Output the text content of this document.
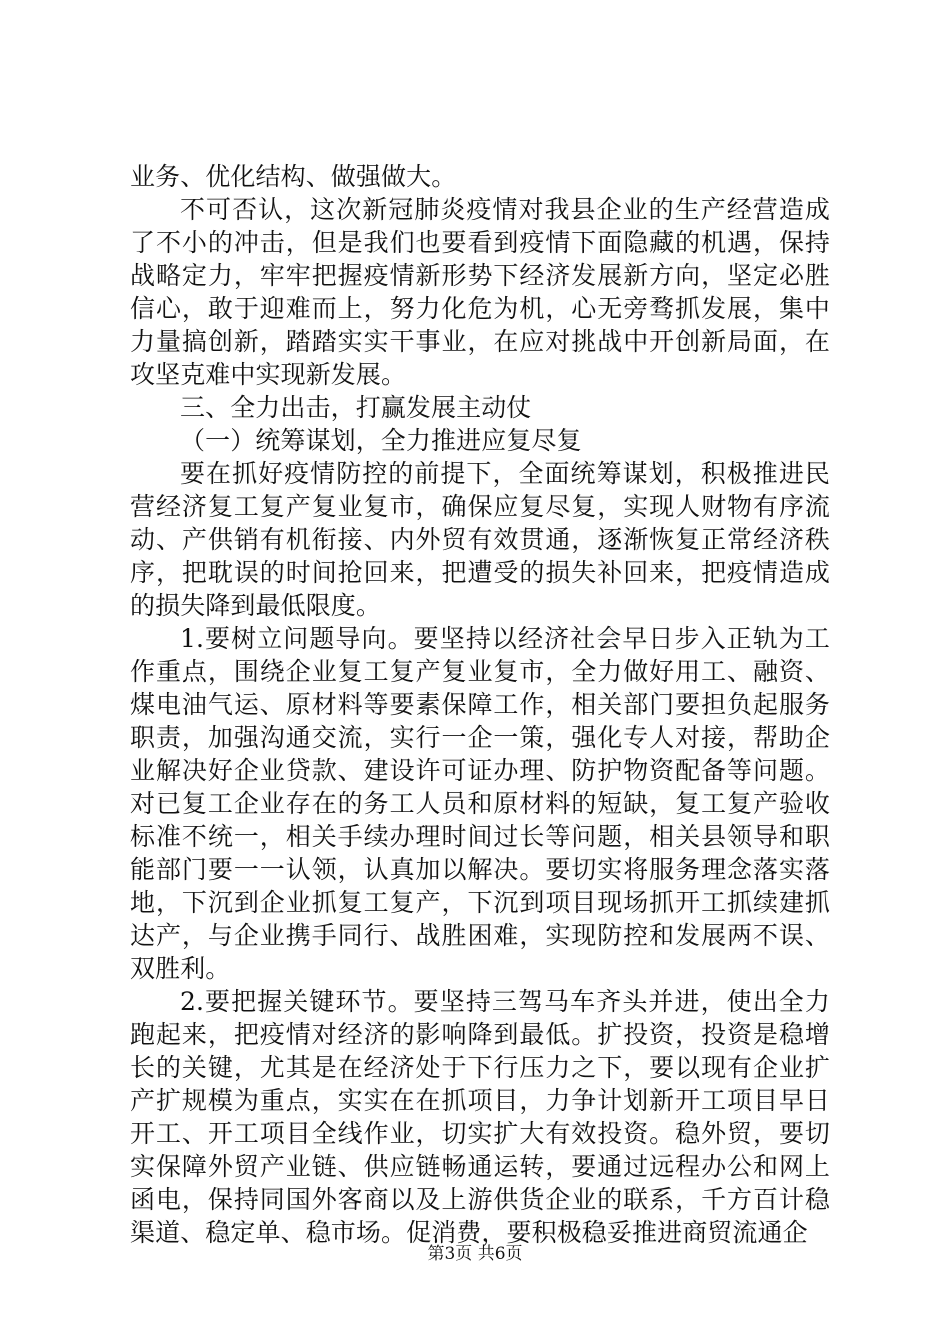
业务、优化结构、做强做大。

不可否认，这次新冠肺炎疫情对我县企业的生产经营造成了不小的冲击，但是我们也要看到疫情下面隐藏的机遇，保持战略定力，牢牢把握疫情新形势下经济发展新方向，坚定必胜信心，敢于迎难而上，努力化危为机，心无旁骛抓发展，集中力量搞创新，踏踏实实干事业，在应对挑战中开创新局面，在攻坚克难中实现新发展。

三、全力出击，打赢发展主动仗

（一）统筹谋划，全力推进应复尽复

要在抓好疫情防控的前提下，全面统筹谋划，积极推进民营经济复工复产复业复市，确保应复尽复，实现人财物有序流动、产供销有机衔接、内外贸有效贯通，逐渐恢复正常经济秩序，把耽误的时间抢回来，把遭受的损失补回来，把疫情造成的损失降到最低限度。

1.要树立问题导向。要坚持以经济社会早日步入正轨为工作重点，围绕企业复工复产复业复市，全力做好用工、融资、煤电油气运、原材料等要素保障工作，相关部门要担负起服务职责，加强沟通交流，实行一企一策，强化专人对接，帮助企业解决好企业贷款、建设许可证办理、防护物资配备等问题。对已复工企业存在的务工人员和原材料的短缺，复工复产验收标准不统一，相关手续办理时间过长等问题，相关县领导和职能部门要一一认领，认真加以解决。要切实将服务理念落实落地，下沉到企业抓复工复产，下沉到项目现场抓开工抓续建抓达产，与企业携手同行、战胜困难，实现防控和发展两不误、双胜利。

2.要把握关键环节。要坚持三驾马车齐头并进，使出全力跑起来，把疫情对经济的影响降到最低。扩投资，投资是稳增长的关键，尤其是在经济处于下行压力之下，要以现有企业扩产扩规模为重点，实实在在抓项目，力争计划新开工项目早日开工、开工项目全线作业，切实扩大有效投资。稳外贸，要切实保障外贸产业链、供应链畅通运转，要通过远程办公和网上函电，保持同国外客商以及上游供货企业的联系，千方百计稳渠道、稳定单、稳市场。促消费，要积极稳妥推进商贸流通企

第3页 共6页
